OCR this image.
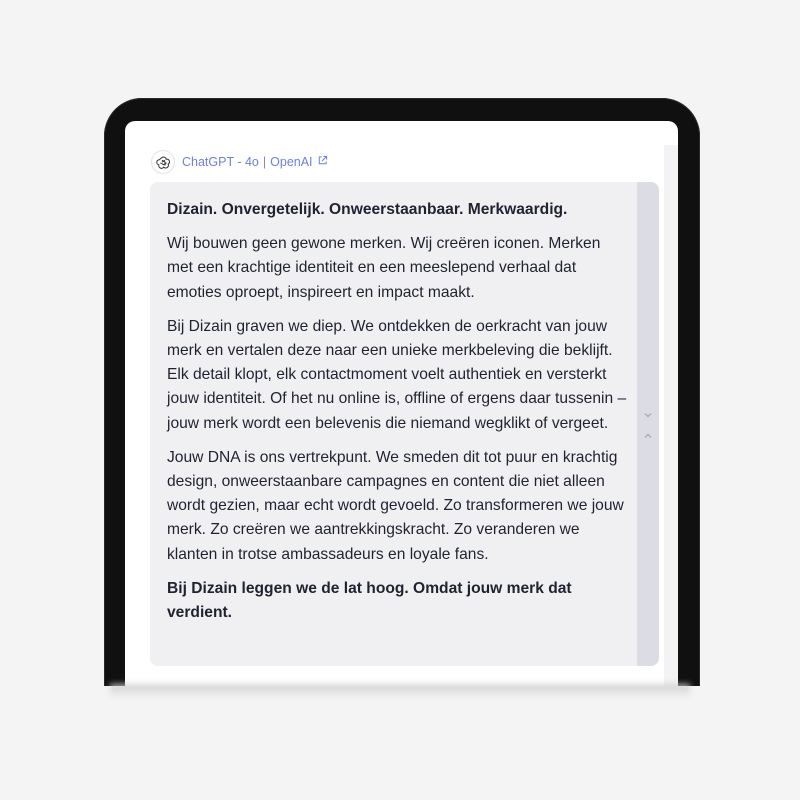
ChatGPT - 4o | OpenAI

Dizain. Onvergetelijk. Onweerstaanbaar. Merkwaardig.

Wij bouwen geen gewone merken. Wij creëren iconen. Merken met een krachtige identiteit en een meeslepend verhaal dat emoties oproept, inspireert en impact maakt.

Bij Dizain graven we diep. We ontdekken de oerkracht van jouw merk en vertalen deze naar een unieke merkbeleving die beklijft. Elk detail klopt, elk contactmoment voelt authentiek en versterkt jouw identiteit. Of het nu online is, offline of ergens daar tussenin – jouw merk wordt een belevenis die niemand wegklikt of vergeet.

Jouw DNA is ons vertrekpunt. We smeden dit tot puur en krachtig design, onweerstaanbare campagnes en content die niet alleen wordt gezien, maar echt wordt gevoeld. Zo transformeren we jouw merk. Zo creëren we aantrekkingskracht. Zo veranderen we klanten in trotse ambassadeurs en loyale fans.

Bij Dizain leggen we de lat hoog. Omdat jouw merk dat verdient.
